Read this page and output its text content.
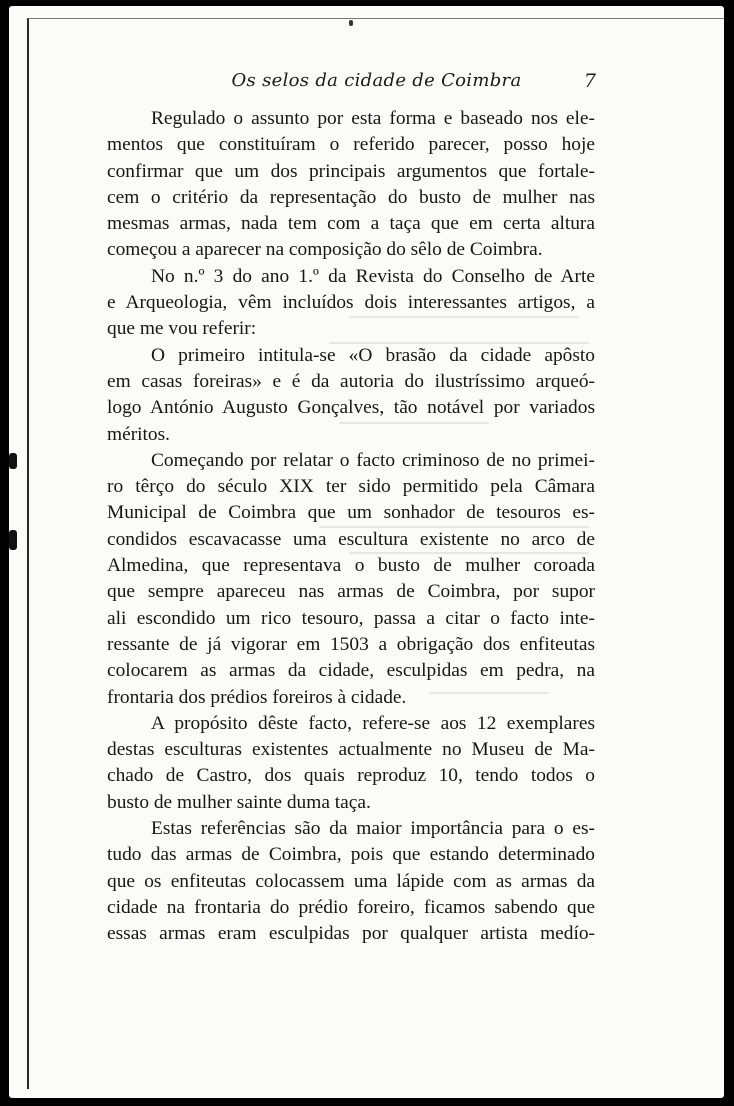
Os selos da cidade de Coimbra	7

Regulado o assunto por esta forma e baseado nos ele-

mentos que constituíram o referido parecer, posso hoje

confirmar que um dos principais argumentos que fortale-

cem o critério da representação do busto de mulher nas

mesmas armas, nada tem com a taça que em certa altura

começou a aparecer na composição do sêlo de Coimbra.

No n.º 3 do ano 1.º da Revista do Conselho de Arte

e Arqueologia, vêm incluídos dois interessantes artigos, a

que me vou referir:

O primeiro intitula-se «O brasão da cidade apôsto

em casas foreiras» e é da autoria do ilustríssimo arqueó-

logo António Augusto Gonçalves, tão notável por variados

méritos.

Começando por relatar o facto criminoso de no primei-

ro têrço do século XIX ter sido permitido pela Câmara

Municipal de Coimbra que um sonhador de tesouros es-

condidos escavacasse uma escultura existente no arco de

Almedina, que representava o busto de mulher coroada

que sempre apareceu nas armas de Coimbra, por supor

ali escondido um rico tesouro, passa a citar o facto inte-

ressante de já vigorar em 1503 a obrigação dos enfiteutas

colocarem as armas da cidade, esculpidas em pedra, na

frontaria dos prédios foreiros à cidade.

A propósito dêste facto, refere-se aos 12 exemplares

destas esculturas existentes actualmente no Museu de Ma-

chado de Castro, dos quais reproduz 10, tendo todos o

busto de mulher sainte duma taça.

Estas referências são da maior importância para o es-

tudo das armas de Coimbra, pois que estando determinado

que os enfiteutas colocassem uma lápide com as armas da

cidade na frontaria do prédio foreiro, ficamos sabendo que

essas armas eram esculpidas por qualquer artista medío-
